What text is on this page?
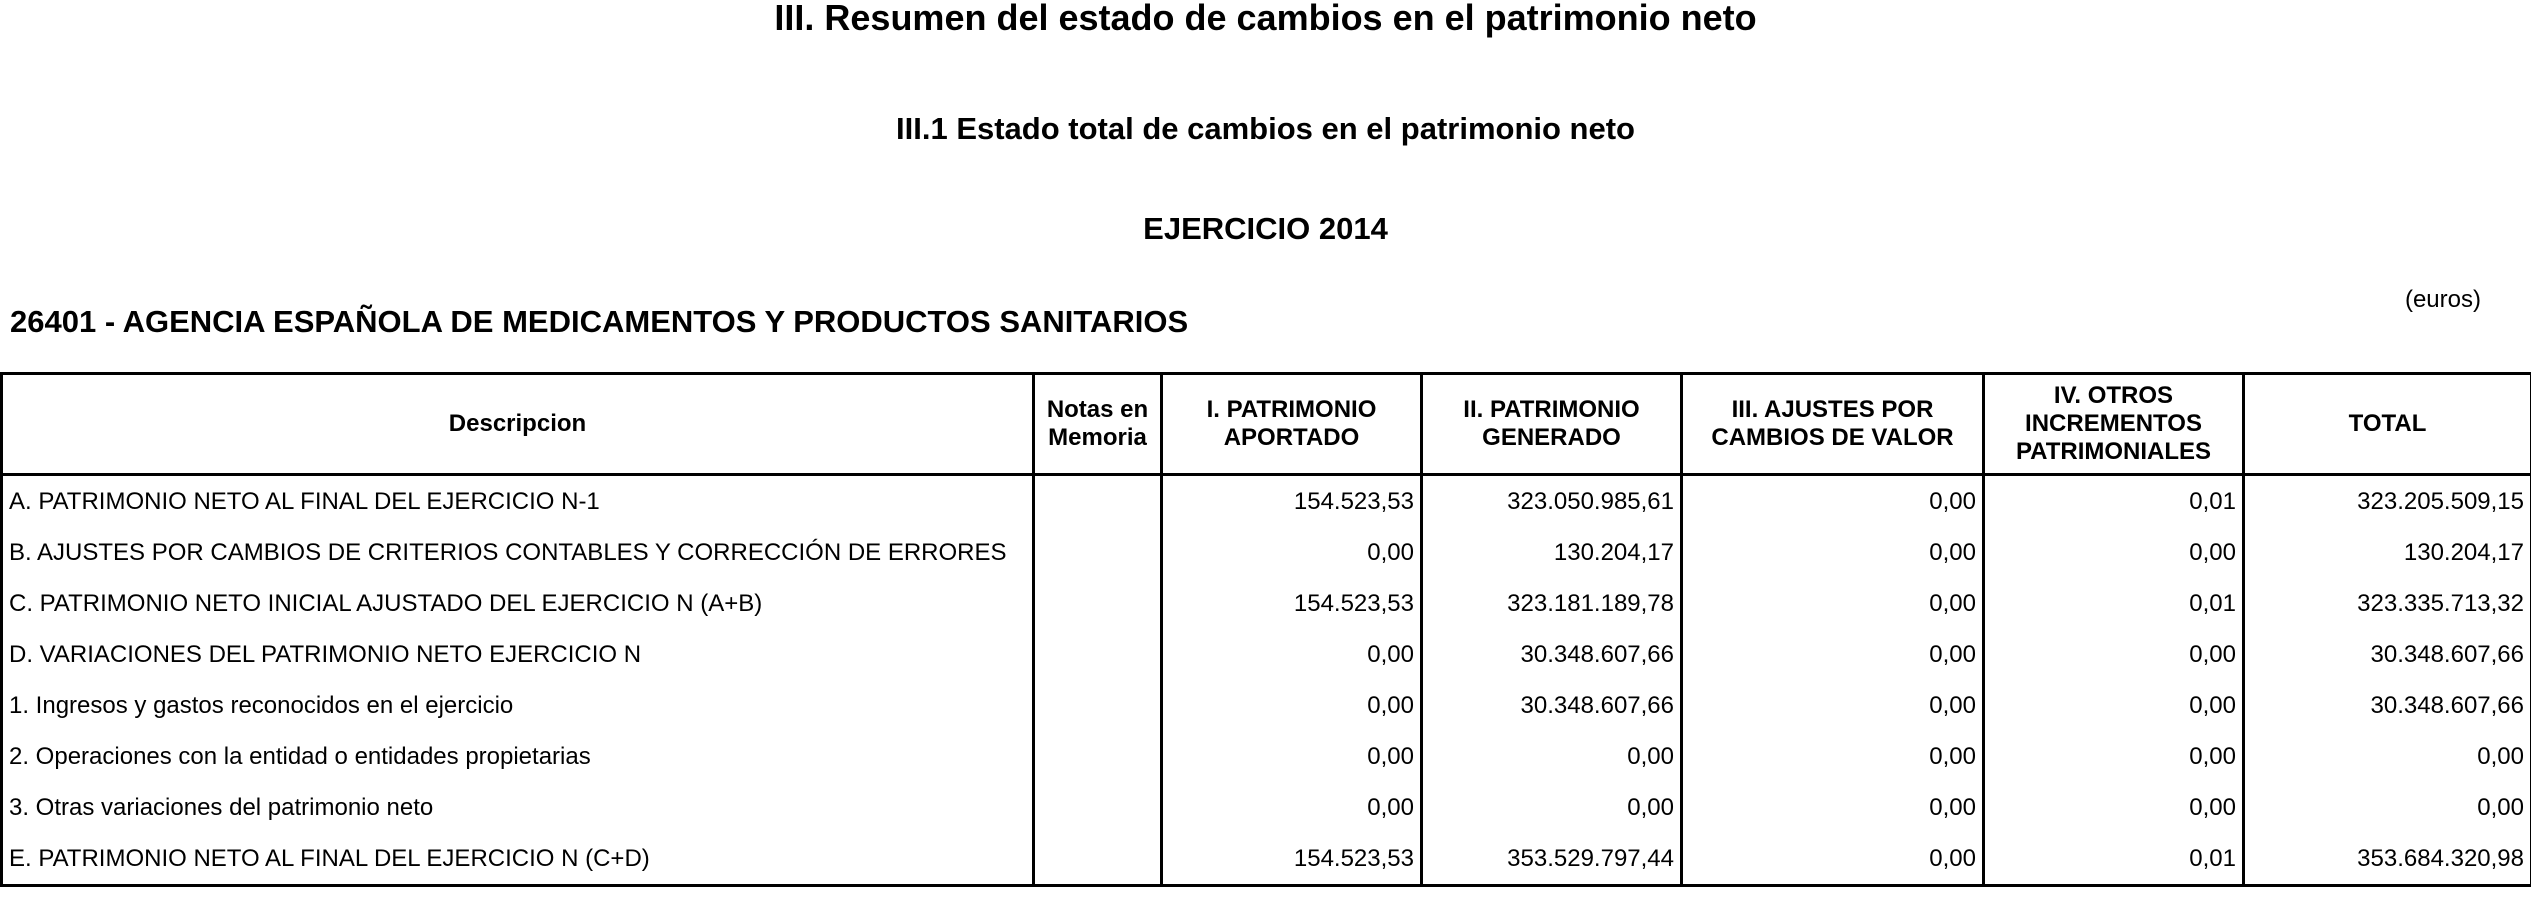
III. Resumen del estado de cambios en el patrimonio neto
III.1 Estado total de cambios en el patrimonio neto
EJERCICIO 2014
(euros)
26401 - AGENCIA ESPAÑOLA DE MEDICAMENTOS Y PRODUCTOS SANITARIOS
Descripcion	Notas en Memoria	I. PATRIMONIO APORTADO	II. PATRIMONIO GENERADO	III. AJUSTES POR CAMBIOS DE VALOR	IV. OTROS INCREMENTOS PATRIMONIALES	TOTAL
A. PATRIMONIO NETO AL FINAL DEL EJERCICIO N-1		154.523,53	323.050.985,61	0,00	0,01	323.205.509,15
B. AJUSTES POR CAMBIOS DE CRITERIOS CONTABLES Y CORRECCIÓN DE ERRORES		0,00	130.204,17	0,00	0,00	130.204,17
C. PATRIMONIO NETO INICIAL AJUSTADO DEL EJERCICIO N (A+B)		154.523,53	323.181.189,78	0,00	0,01	323.335.713,32
D. VARIACIONES DEL PATRIMONIO NETO EJERCICIO N		0,00	30.348.607,66	0,00	0,00	30.348.607,66
1. Ingresos y gastos reconocidos en el ejercicio		0,00	30.348.607,66	0,00	0,00	30.348.607,66
2. Operaciones con la entidad o entidades propietarias		0,00	0,00	0,00	0,00	0,00
3. Otras variaciones del patrimonio neto		0,00	0,00	0,00	0,00	0,00
E. PATRIMONIO NETO AL FINAL DEL EJERCICIO N (C+D)		154.523,53	353.529.797,44	0,00	0,01	353.684.320,98
